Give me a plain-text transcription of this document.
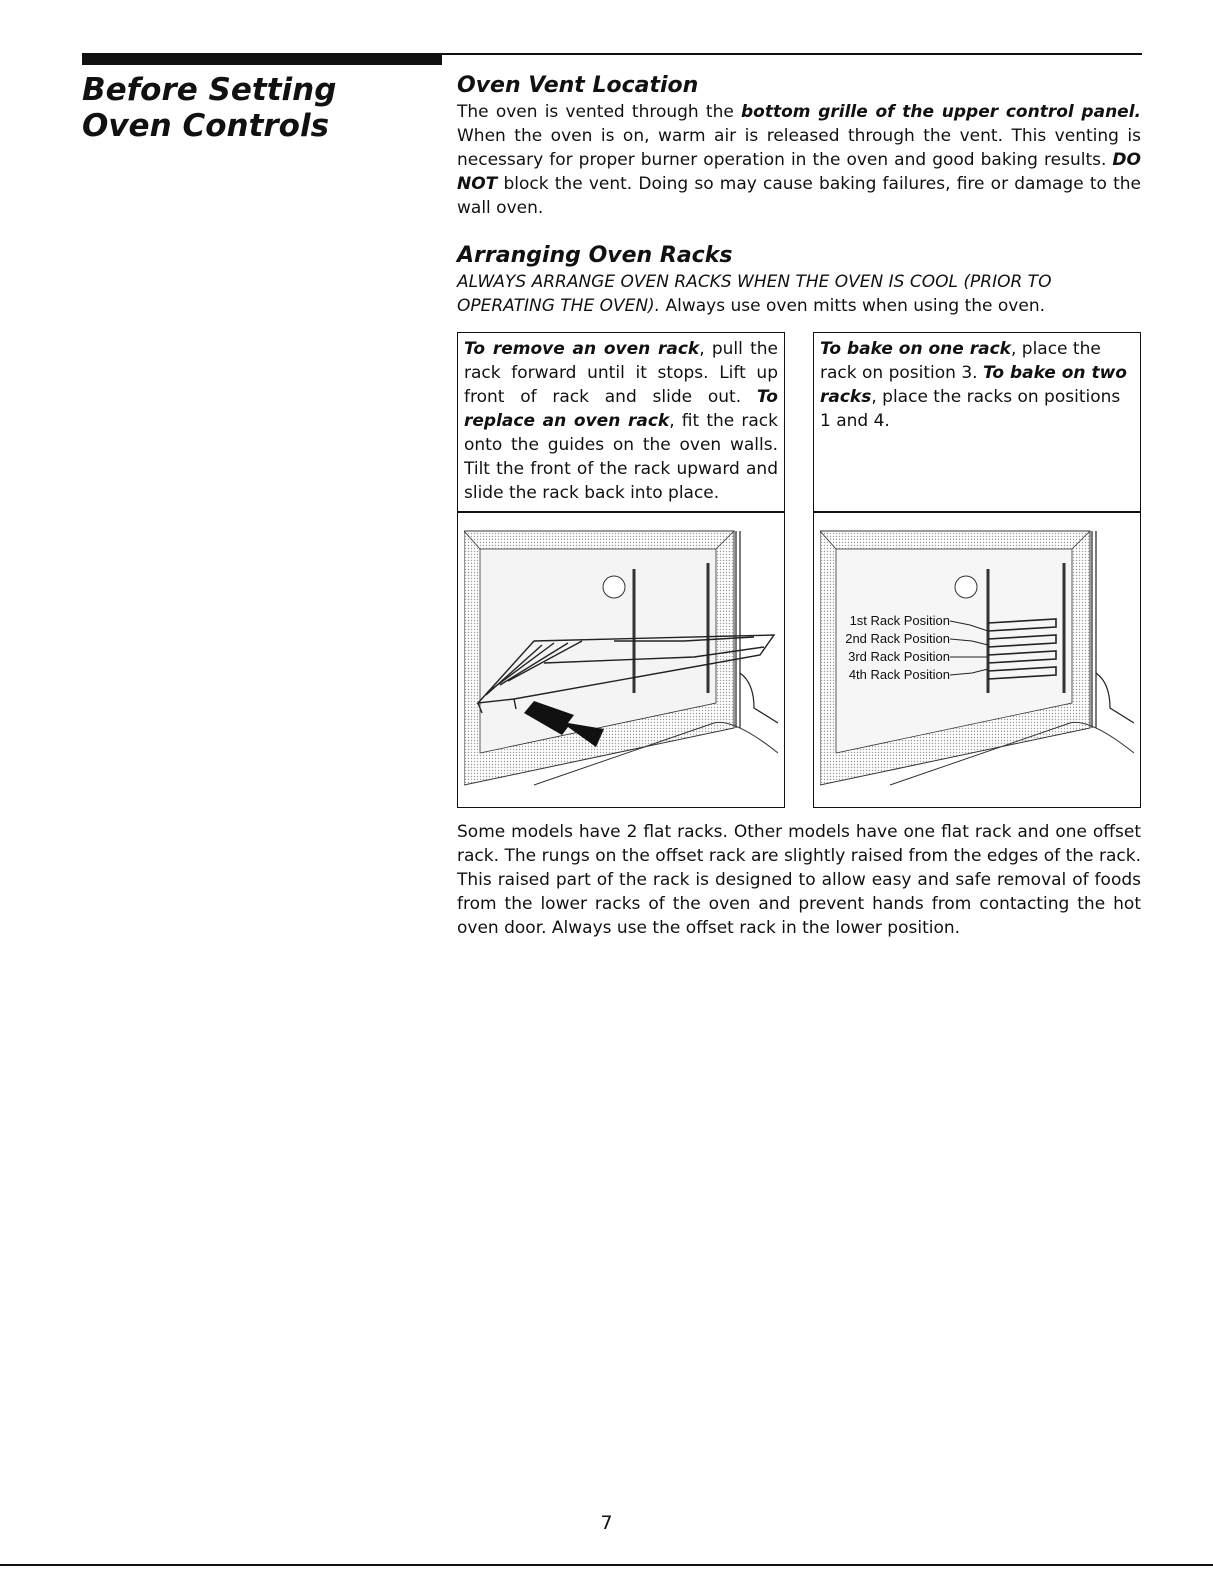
Before Setting Oven Controls
Oven Vent Location

The oven is vented through the bottom grille of the upper control panel. When the oven is on, warm air is released through the vent. This venting is necessary for proper burner operation in the oven and good baking results. DO NOT block the vent. Doing so may cause baking failures, fire or damage to the wall oven.

Arranging Oven Racks

ALWAYS ARRANGE OVEN RACKS WHEN THE OVEN IS COOL (PRIOR TO OPERATING THE OVEN). Always use oven mitts when using the oven.

To remove an oven rack, pull the rack forward until it stops. Lift up front of rack and slide out. To replace an oven rack, fit the rack onto the guides on the oven walls. Tilt the front of the rack upward and slide the rack back into place.
To bake on one rack, place the rack on position 3. To bake on two racks, place the racks on positions 1 and 4.
1st Rack Position
2nd Rack Position
3rd Rack Position
4th Rack Position

Some models have 2 flat racks. Other models have one flat rack and one offset rack. The rungs on the offset rack are slightly raised from the edges of the rack. This raised part of the rack is designed to allow easy and safe removal of foods from the lower racks of the oven and prevent hands from contacting the hot oven door. Always use the offset rack in the lower position.

7
